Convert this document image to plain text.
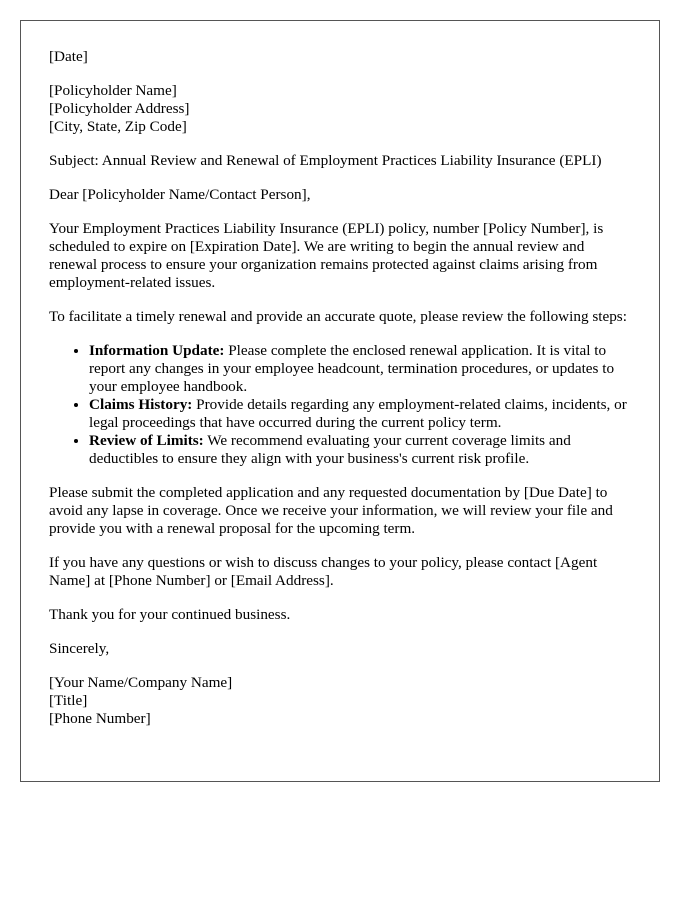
[Date]

[Policyholder Name]
[Policyholder Address]
[City, State, Zip Code]

Subject: Annual Review and Renewal of Employment Practices Liability Insurance (EPLI)

Dear [Policyholder Name/Contact Person],

Your Employment Practices Liability Insurance (EPLI) policy, number [Policy Number], is scheduled to expire on [Expiration Date]. We are writing to begin the annual review and renewal process to ensure your organization remains protected against claims arising from employment-related issues.

To facilitate a timely renewal and provide an accurate quote, please review the following steps:

• Information Update: Please complete the enclosed renewal application. It is vital to report any changes in your employee headcount, termination procedures, or updates to your employee handbook.
• Claims History: Provide details regarding any employment-related claims, incidents, or legal proceedings that have occurred during the current policy term.
• Review of Limits: We recommend evaluating your current coverage limits and deductibles to ensure they align with your business's current risk profile.

Please submit the completed application and any requested documentation by [Due Date] to avoid any lapse in coverage. Once we receive your information, we will review your file and provide you with a renewal proposal for the upcoming term.

If you have any questions or wish to discuss changes to your policy, please contact [Agent Name] at [Phone Number] or [Email Address].

Thank you for your continued business.

Sincerely,

[Your Name/Company Name]
[Title]
[Phone Number]
